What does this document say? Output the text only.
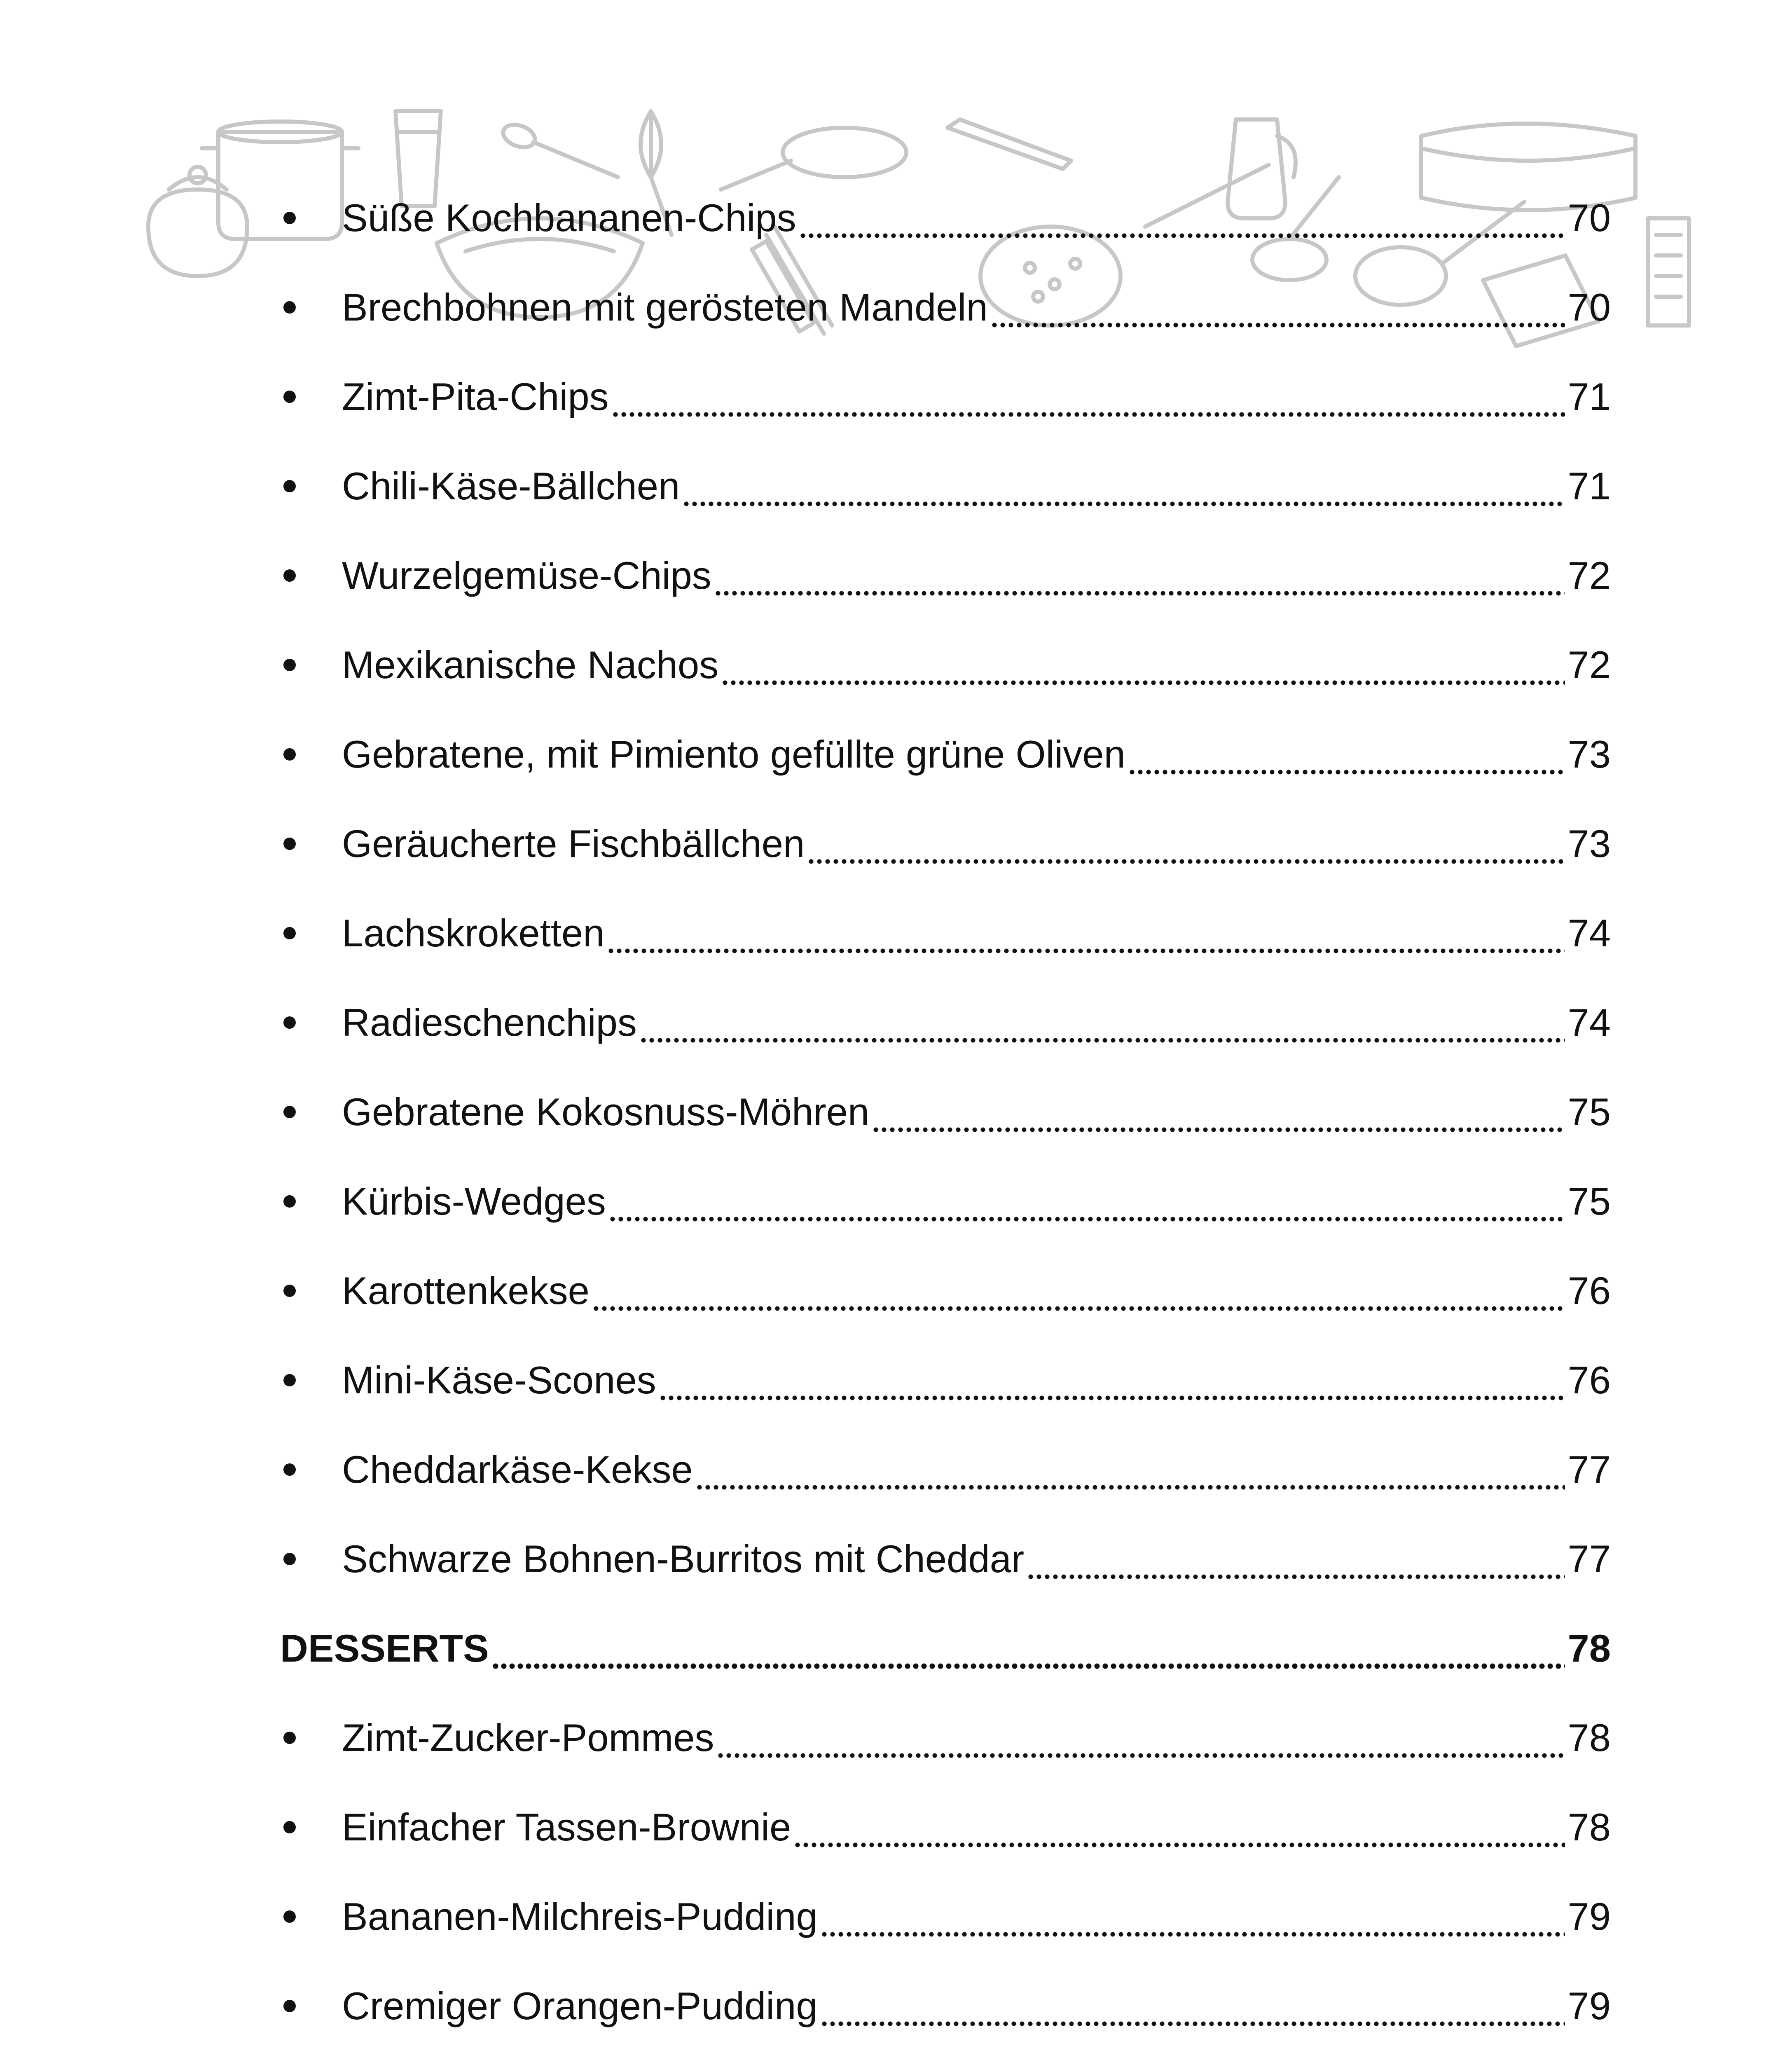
Süße Kochbananen-Chips	70
Brechbohnen mit gerösteten Mandeln	70
Zimt-Pita-Chips	71
Chili-Käse-Bällchen	71
Wurzelgemüse-Chips	72
Mexikanische Nachos	72
Gebratene, mit Pimiento gefüllte grüne Oliven	73
Geräucherte Fischbällchen	73
Lachskroketten	74
Radieschenchips	74
Gebratene Kokosnuss-Möhren	75
Kürbis-Wedges	75
Karottenkekse	76
Mini-Käse-Scones	76
Cheddarkäse-Kekse	77
Schwarze Bohnen-Burritos mit Cheddar	77
DESSERTS	78
Zimt-Zucker-Pommes	78
Einfacher Tassen-Brownie	78
Bananen-Milchreis-Pudding	79
Cremiger Orangen-Pudding	79
